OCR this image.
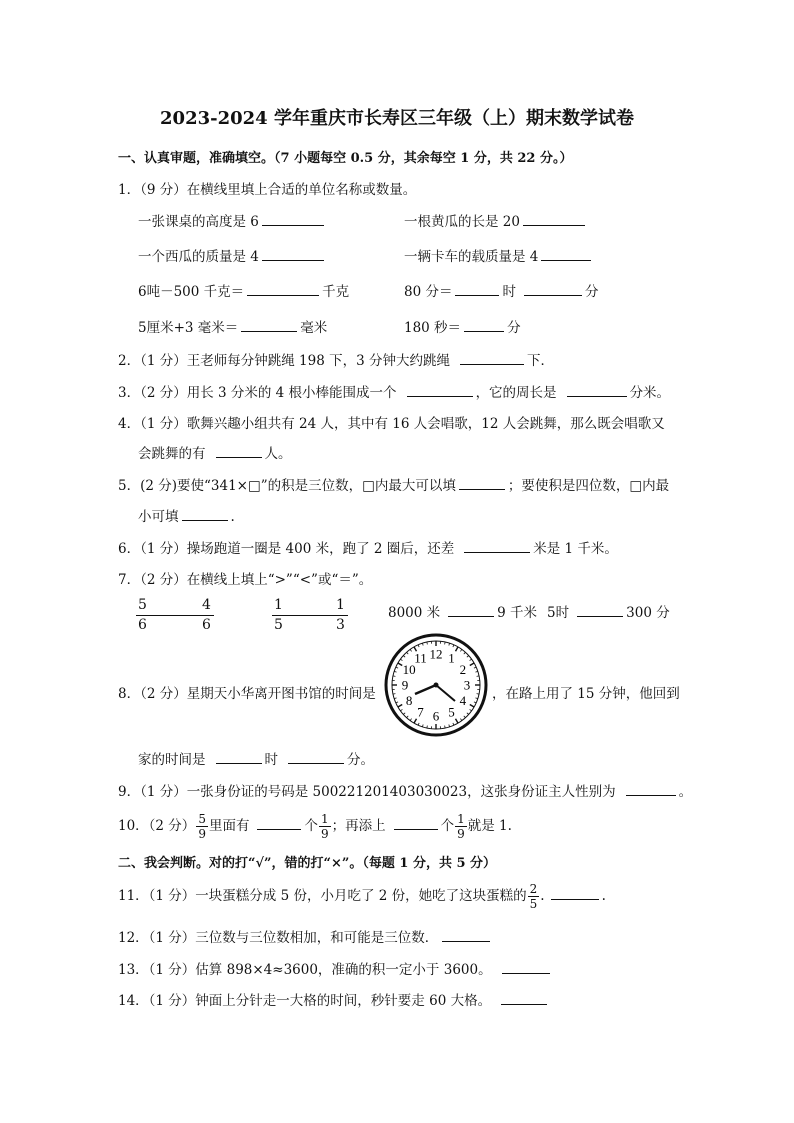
2023-2024 学年重庆市长寿区三年级（上）期末数学试卷
一、认真审题，准确填空。（7 小题每空 0.5 分，其余每空 1 分，共 22 分。）
1．（9 分）在横线里填上合适的单位名称或数量。
一张课桌的高度是 6	一根黄瓜的长是 20
一个西瓜的质量是 4	一辆卡车的载质量是 4
6吨－500 千克＝	千克	80 分＝	时	分
5厘米+3 毫米＝	毫米	180 秒＝	分
2．（1 分）王老师每分钟跳绳 198 下，3 分钟大约跳绳	下．
3．（2 分）用长 3 分米的 4 根小棒能围成一个	，它的周长是	分米。
4．（1 分）歌舞兴趣小组共有 24 人，其中有 16 人会唱歌，12 人会跳舞，那么既会唱歌又
会跳舞的有	人。
5．(2 分)要使“341×□”的积是三位数，□内最大可以填	；要使积是四位数，□内最
小可填	.
6．（1 分）操场跑道一圈是 400 米，跑了 2 圈后，还差	米是 1 千米。
7．（2 分）在横线上填上“>”“<”或“＝”。
5
6
4
6
1
5
1
3
8000 米	9 千米 5时	300 分
8．（2 分）星期天小华离开图书馆的时间是
12 1
2
3
4
5
6
7
8
9
10
11
，在路上用了 15 分钟，他回到
家的时间是	时	分。
9．（1 分）一张身份证的号码是 500221201403030023，这张身份证主人性别为	。
10．（2 分） $\frac{5}{9}$ 里面有	个 $\frac{1}{9}$ ；再添上	个 $\frac{1}{9}$ 就是 1.
二、我会判断。对的打“√”，错的打“×”。（每题 1 分，共 5 分）
11．（1 分）一块蛋糕分成 5 份，小月吃了 2 份，她吃了这块蛋糕的 $\frac{2}{5}$ .	.
12．（1 分）三位数与三位数相加，和可能是三位数．
13．（1 分）估算 898×4≈3600，准确的积一定小于 3600。
14．（1 分）钟面上分针走一大格的时间，秒针要走 60 大格。
